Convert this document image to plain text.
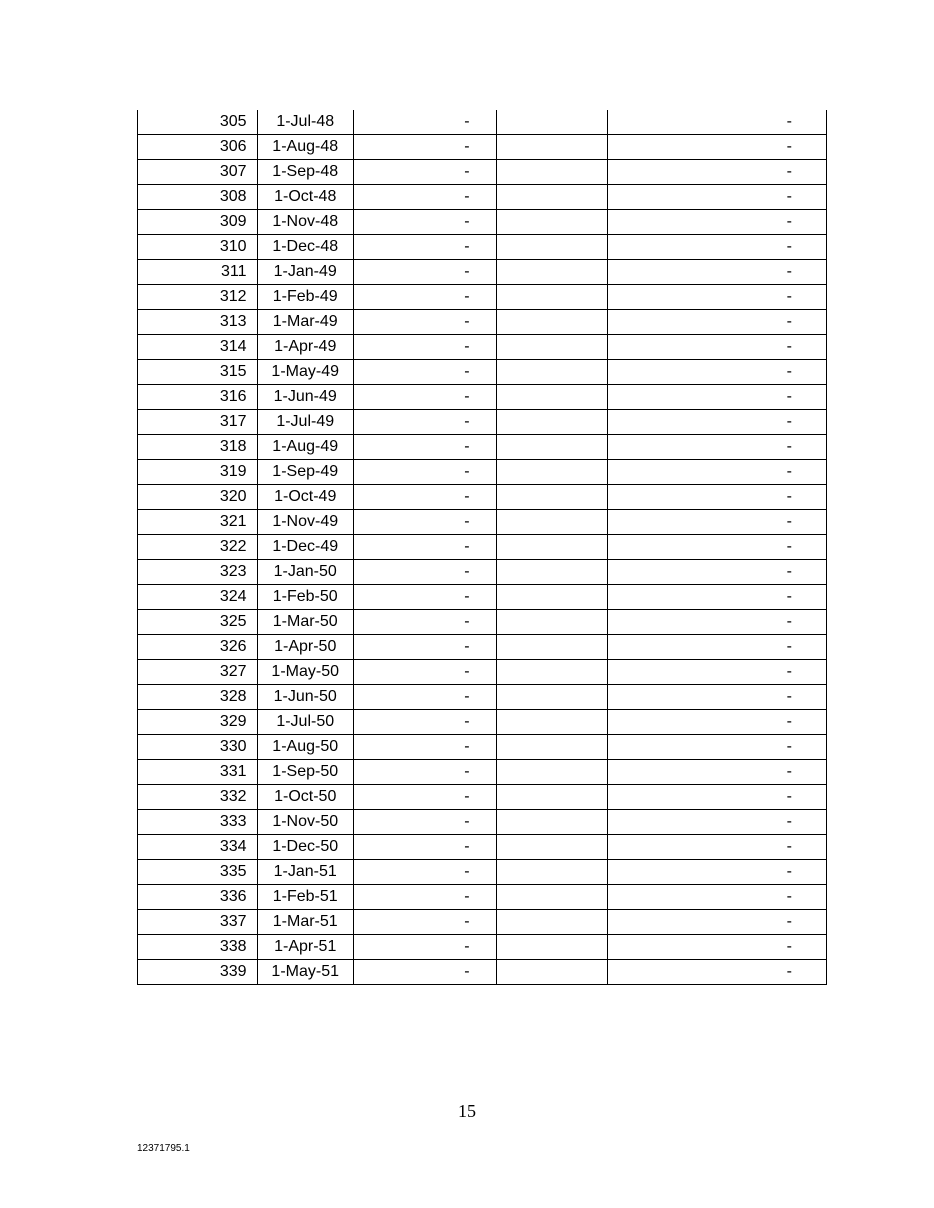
305	1-Jul-48	-		-
306	1-Aug-48	-		-
307	1-Sep-48	-		-
308	1-Oct-48	-		-
309	1-Nov-48	-		-
310	1-Dec-48	-		-
311	1-Jan-49	-		-
312	1-Feb-49	-		-
313	1-Mar-49	-		-
314	1-Apr-49	-		-
315	1-May-49	-		-
316	1-Jun-49	-		-
317	1-Jul-49	-		-
318	1-Aug-49	-		-
319	1-Sep-49	-		-
320	1-Oct-49	-		-
321	1-Nov-49	-		-
322	1-Dec-49	-		-
323	1-Jan-50	-		-
324	1-Feb-50	-		-
325	1-Mar-50	-		-
326	1-Apr-50	-		-
327	1-May-50	-		-
328	1-Jun-50	-		-
329	1-Jul-50	-		-
330	1-Aug-50	-		-
331	1-Sep-50	-		-
332	1-Oct-50	-		-
333	1-Nov-50	-		-
334	1-Dec-50	-		-
335	1-Jan-51	-		-
336	1-Feb-51	-		-
337	1-Mar-51	-		-
338	1-Apr-51	-		-
339	1-May-51	-		-
15
12371795.1
